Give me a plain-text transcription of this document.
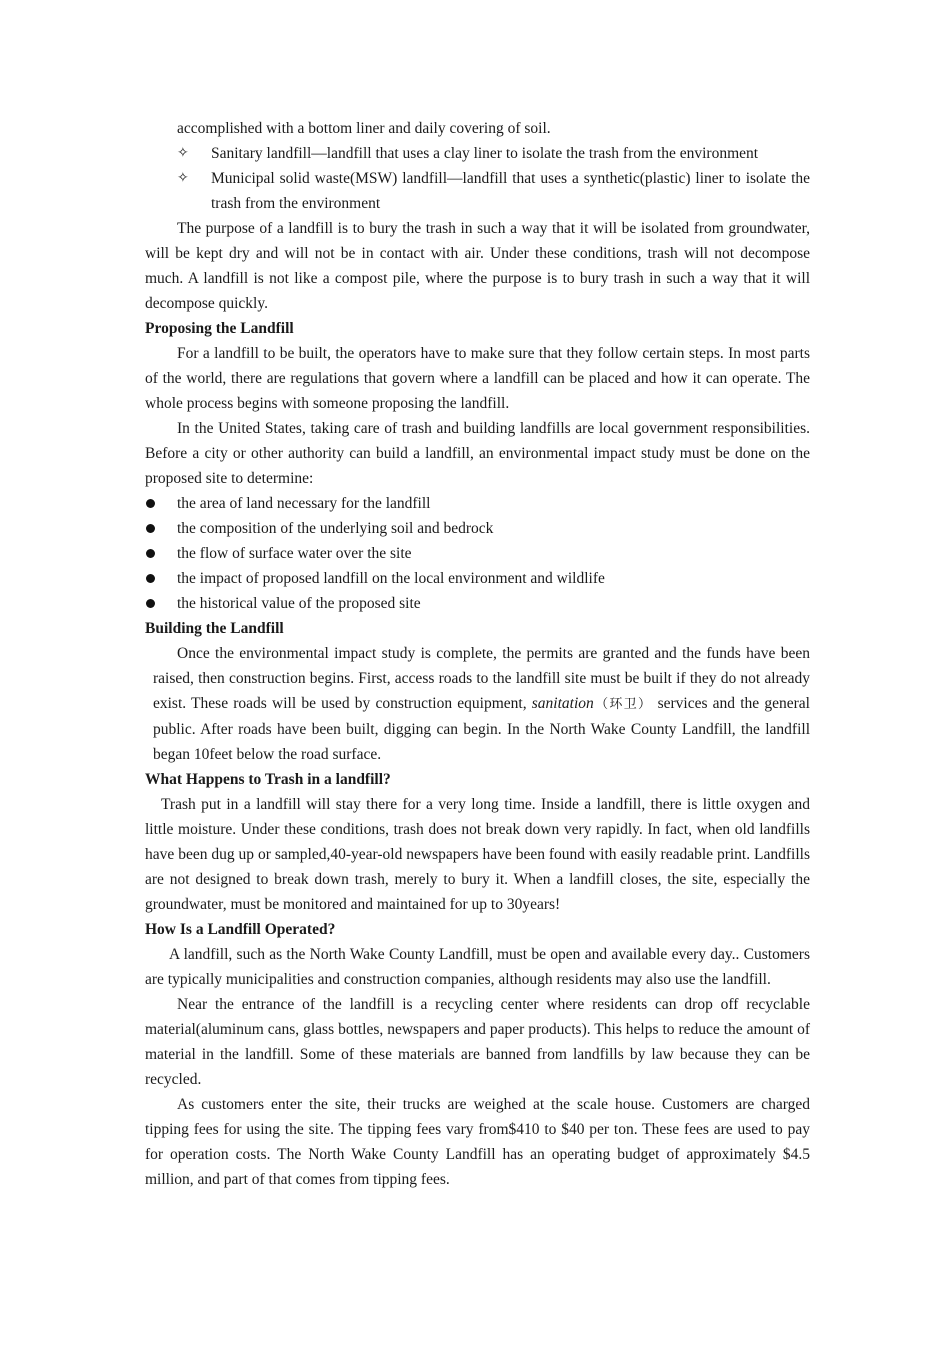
accomplished with a bottom liner and daily covering of soil.

✧	Sanitary landfill—landfill that uses a clay liner to isolate the trash from the environment
✧	Municipal solid waste(MSW) landfill—landfill that uses a synthetic(plastic) liner to isolate the trash from the environment

The purpose of a landfill is to bury the trash in such a way that it will be isolated from groundwater, will be kept dry and will not be in contact with air. Under these conditions, trash will not decompose much. A landfill is not like a compost pile, where the purpose is to bury trash in such a way that it will decompose quickly.

Proposing the Landfill

For a landfill to be built, the operators have to make sure that they follow certain steps. In most parts of the world, there are regulations that govern where a landfill can be placed and how it can operate. The whole process begins with someone proposing the landfill.

In the United States, taking care of trash and building landfills are local government responsibilities. Before a city or other authority can build a landfill, an environmental impact study must be done on the proposed site to determine:

the area of land necessary for the landfill
the composition of the underlying soil and bedrock
the flow of surface water over the site
the impact of proposed landfill on the local environment and wildlife
the historical value of the proposed site

Building the Landfill

Once the environmental impact study is complete, the permits are granted and the funds have been raised, then construction begins. First, access roads to the landfill site must be built if they do not already exist. These roads will be used by construction equipment, sanitation（环卫） services and the general public. After roads have been built, digging can begin. In the North Wake County Landfill, the landfill began 10feet below the road surface.

What Happens to Trash in a landfill?

Trash put in a landfill will stay there for a very long time. Inside a landfill, there is little oxygen and little moisture. Under these conditions, trash does not break down very rapidly. In fact, when old landfills have been dug up or sampled,40-year-old newspapers have been found with easily readable print. Landfills are not designed to break down trash, merely to bury it. When a landfill closes, the site, especially the groundwater, must be monitored and maintained for up to 30years!

How Is a Landfill Operated?

A landfill, such as the North Wake County Landfill, must be open and available every day.. Customers are typically municipalities and construction companies, although residents may also use the landfill.

Near the entrance of the landfill is a recycling center where residents can drop off recyclable material(aluminum cans, glass bottles, newspapers and paper products). This helps to reduce the amount of material in the landfill. Some of these materials are banned from landfills by law because they can be recycled.

As customers enter the site, their trucks are weighed at the scale house. Customers are charged tipping fees for using the site. The tipping fees vary from$410 to $40 per ton. These fees are used to pay for operation costs. The North Wake County Landfill has an operating budget of approximately $4.5 million, and part of that comes from tipping fees.
